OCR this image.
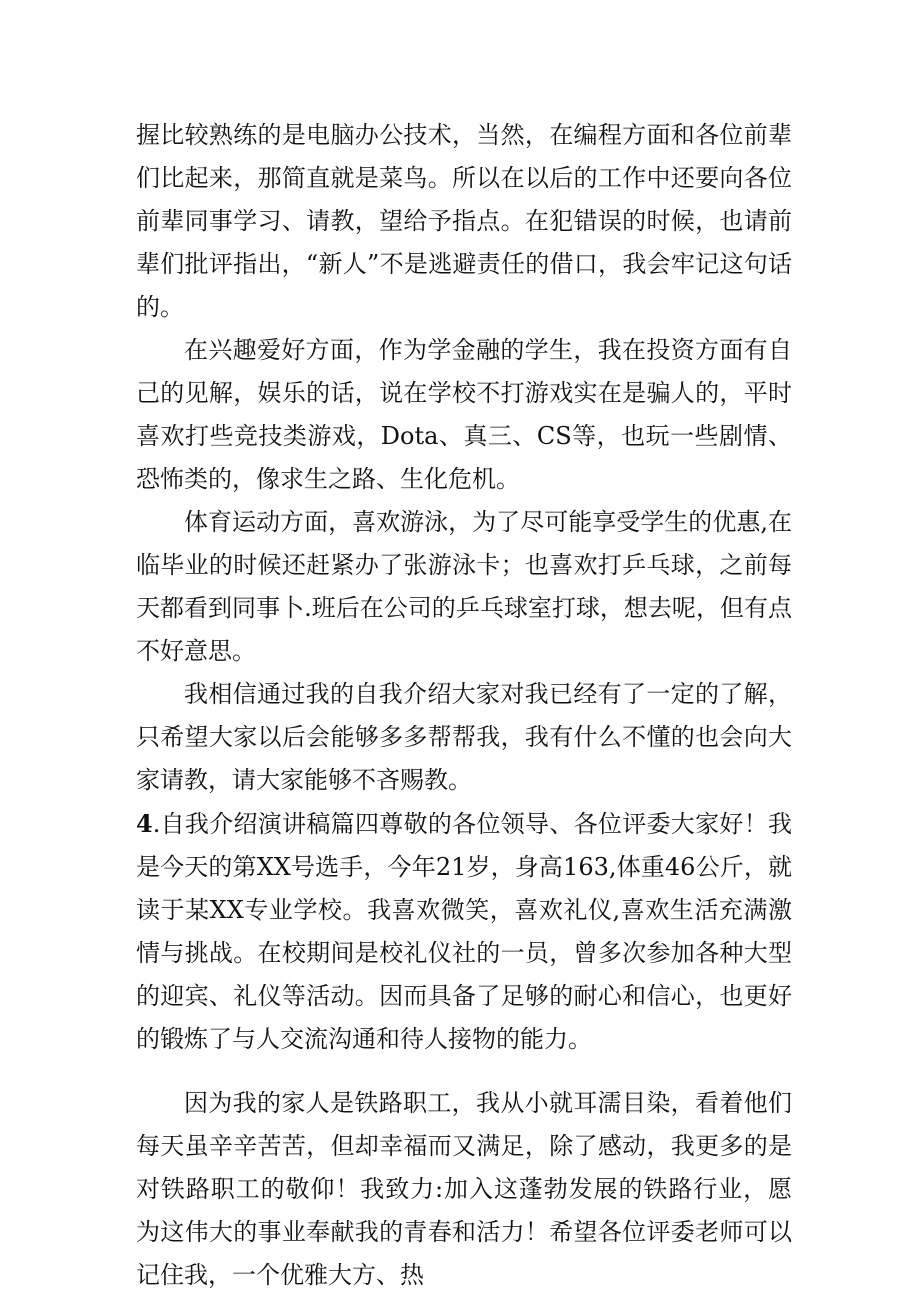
握比较熟练的是电脑办公技术，当然，在编程方面和各位前辈们比起来，那简直就是菜鸟。所以在以后的工作中还要向各位前辈同事学习、请教，望给予指点。在犯错误的时候，也请前辈们批评指出，“新人”不是逃避责任的借口，我会牢记这句话的。

在兴趣爱好方面，作为学金融的学生，我在投资方面有自己的见解，娱乐的话，说在学校不打游戏实在是骗人的，平时喜欢打些竞技类游戏，Dota、真三、CS等，也玩一些剧情、恐怖类的，像求生之路、生化危机。

体育运动方面，喜欢游泳，为了尽可能享受学生的优惠,在临毕业的时候还赶紧办了张游泳卡；也喜欢打乒乓球，之前每天都看到同事卜.班后在公司的乒乓球室打球，想去呢，但有点不好意思。

我相信通过我的自我介绍大家对我已经有了一定的了解，只希望大家以后会能够多多帮帮我，我有什么不懂的也会向大家请教，请大家能够不吝赐教。

4.自我介绍演讲稿篇四尊敬的各位领导、各位评委大家好！我是今天的第XX号选手，今年21岁，身高163,体重46公斤，就读于某XX专业学校。我喜欢微笑，喜欢礼仪,喜欢生活充满激情与挑战。在校期间是校礼仪社的一员，曾多次参加各种大型的迎宾、礼仪等活动。因而具备了足够的耐心和信心，也更好的锻炼了与人交流沟通和待人接物的能力。

因为我的家人是铁路职工，我从小就耳濡目染，看着他们每天虽辛辛苦苦，但却幸福而又满足，除了感动，我更多的是对铁路职工的敬仰！我致力:加入这蓬勃发展的铁路行业，愿为这伟大的事业奉献我的青春和活力！希望各位评委老师可以记住我，一个优雅大方、热
